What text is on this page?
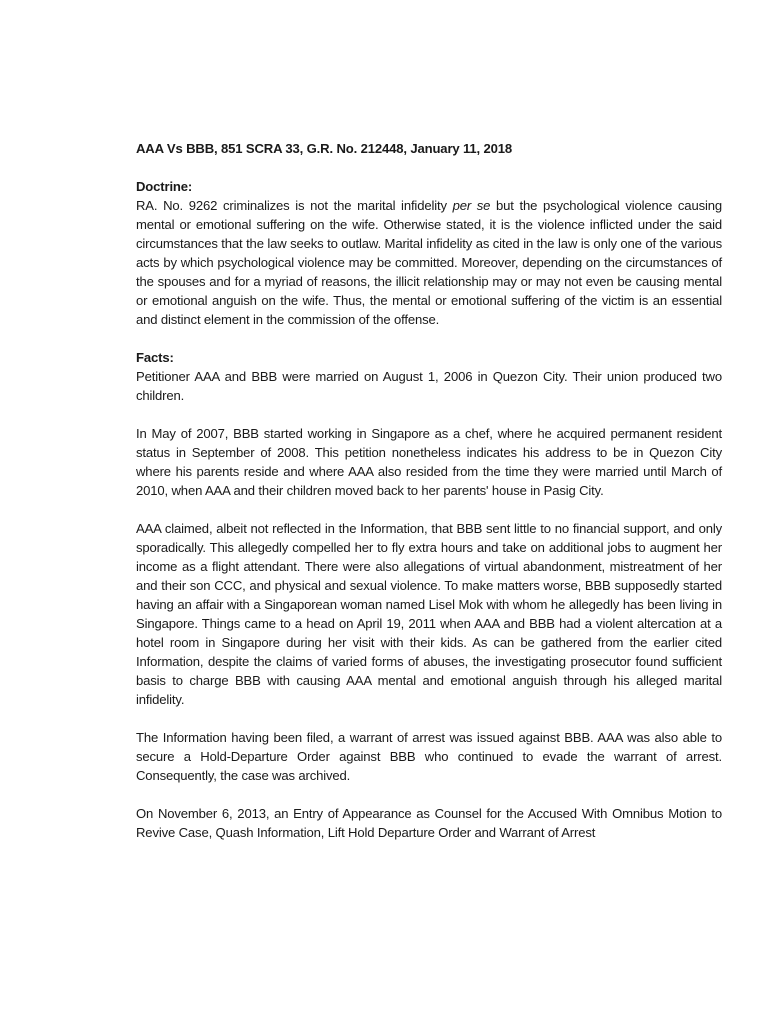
AAA Vs BBB, 851 SCRA 33, G.R. No. 212448, January 11, 2018
Doctrine:

RA. No. 9262 criminalizes is not the marital infidelity per se but the psychological violence causing mental or emotional suffering on the wife. Otherwise stated, it is the violence inflicted under the said circumstances that the law seeks to outlaw. Marital infidelity as cited in the law is only one of the various acts by which psychological violence may be committed. Moreover, depending on the circumstances of the spouses and for a myriad of reasons, the illicit relationship may or may not even be causing mental or emotional anguish on the wife. Thus, the mental or emotional suffering of the victim is an essential and distinct element in the commission of the offense.

Facts:

Petitioner AAA and BBB were married on August 1, 2006 in Quezon City. Their union produced two children.

In May of 2007, BBB started working in Singapore as a chef, where he acquired permanent resident status in September of 2008. This petition nonetheless indicates his address to be in Quezon City where his parents reside and where AAA also resided from the time they were married until March of 2010, when AAA and their children moved back to her parents' house in Pasig City.

AAA claimed, albeit not reflected in the Information, that BBB sent little to no financial support, and only sporadically. This allegedly compelled her to fly extra hours and take on additional jobs to augment her income as a flight attendant. There were also allegations of virtual abandonment, mistreatment of her and their son CCC, and physical and sexual violence. To make matters worse, BBB supposedly started having an affair with a Singaporean woman named Lisel Mok with whom he allegedly has been living in Singapore. Things came to a head on April 19, 2011 when AAA and BBB had a violent altercation at a hotel room in Singapore during her visit with their kids. As can be gathered from the earlier cited Information, despite the claims of varied forms of abuses, the investigating prosecutor found sufficient basis to charge BBB with causing AAA mental and emotional anguish through his alleged marital infidelity.

The Information having been filed, a warrant of arrest was issued against BBB. AAA was also able to secure a Hold-Departure Order against BBB who continued to evade the warrant of arrest. Consequently, the case was archived.

On November 6, 2013, an Entry of Appearance as Counsel for the Accused With Omnibus Motion to Revive Case, Quash Information, Lift Hold Departure Order and Warrant of Arrest
